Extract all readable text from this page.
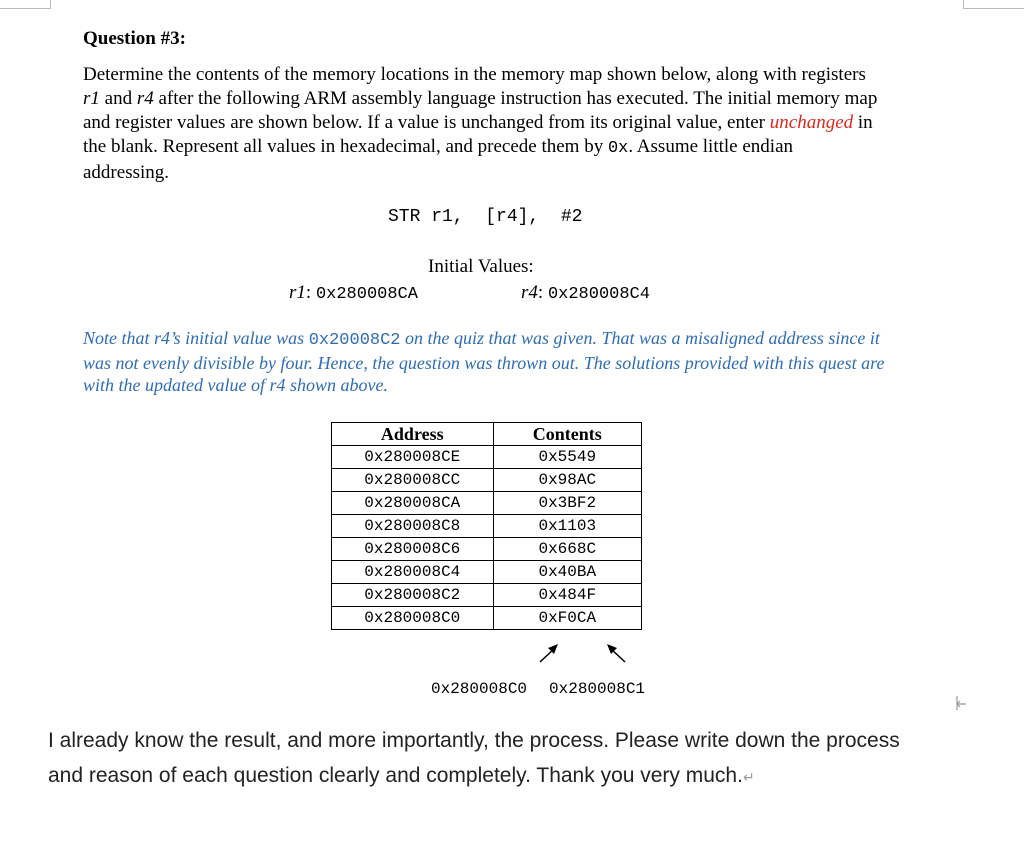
Question #3:
Determine the contents of the memory locations in the memory map shown below, along with registers r1 and r4 after the following ARM assembly language instruction has executed. The initial memory map and register values are shown below. If a value is unchanged from its original value, enter unchanged in the blank. Represent all values in hexadecimal, and precede them by 0x. Assume little endian addressing.
STR r1,  [r4],  #2
Initial Values:
r1: 0x280008CA	r4: 0x280008C4
Note that r4’s initial value was 0x20008C2 on the quiz that was given. That was a misaligned address since it was not evenly divisible by four. Hence, the question was thrown out. The solutions provided with this quest are with the updated value of r4 shown above.
Address	Contents
0x280008CE	0x5549
0x280008CC	0x98AC
0x280008CA	0x3BF2
0x280008C8	0x1103
0x280008C6	0x668C
0x280008C4	0x40BA
0x280008C2	0x484F
0x280008C0	0xF0CA
0x280008C0 0x280008C1
I already know the result, and more importantly, the process. Please write down the process
and reason of each question clearly and completely. Thank you very much.↵
